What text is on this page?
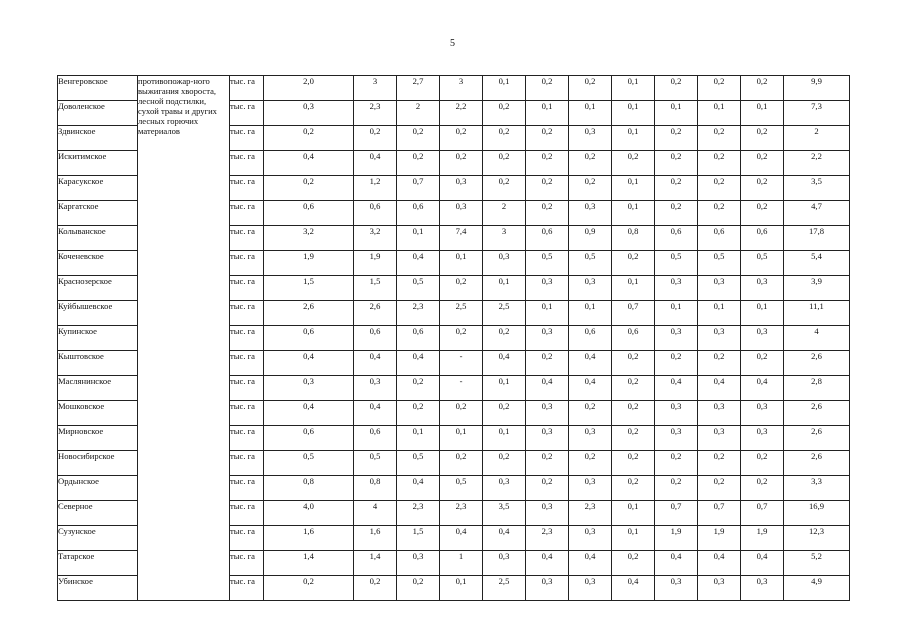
5
Венгеровское	противопожар-ного выжигания хвороста, лесной подстилки, сухой травы и других лесных горючих материалов	тыс. га	2,0	3	2,7	3	0,1	0,2	0,2	0,1	0,2	0,2	0,2	9,9
Доволенское		тыс. га	0,3	2,3	2	2,2	0,2	0,1	0,1	0,1	0,1	0,1	0,1	7,3
Здвинское		тыс. га	0,2	0,2	0,2	0,2	0,2	0,2	0,3	0,1	0,2	0,2	0,2	2
Искитимское		тыс. га	0,4	0,4	0,2	0,2	0,2	0,2	0,2	0,2	0,2	0,2	0,2	2,2
Карасукское		тыс. га	0,2	1,2	0,7	0,3	0,2	0,2	0,2	0,1	0,2	0,2	0,2	3,5
Каргатское		тыс. га	0,6	0,6	0,6	0,3	2	0,2	0,3	0,1	0,2	0,2	0,2	4,7
Колыванское		тыс. га	3,2	3,2	0,1	7,4	3	0,6	0,9	0,8	0,6	0,6	0,6	17,8
Коченевское		тыс. га	1,9	1,9	0,4	0,1	0,3	0,5	0,5	0,2	0,5	0,5	0,5	5,4
Краснозерское		тыс. га	1,5	1,5	0,5	0,2	0,1	0,3	0,3	0,1	0,3	0,3	0,3	3,9
Куйбышевское		тыс. га	2,6	2,6	2,3	2,5	2,5	0,1	0,1	0,7	0,1	0,1	0,1	11,1
Купинское		тыс. га	0,6	0,6	0,6	0,2	0,2	0,3	0,6	0,6	0,3	0,3	0,3	4
Кыштовское		тыс. га	0,4	0,4	0,4	-	0,4	0,2	0,4	0,2	0,2	0,2	0,2	2,6
Маслянинское		тыс. га	0,3	0,3	0,2	-	0,1	0,4	0,4	0,2	0,4	0,4	0,4	2,8
Мошковское		тыс. га	0,4	0,4	0,2	0,2	0,2	0,3	0,2	0,2	0,3	0,3	0,3	2,6
Мирновское		тыс. га	0,6	0,6	0,1	0,1	0,1	0,3	0,3	0,2	0,3	0,3	0,3	2,6
Новосибирское		тыс. га	0,5	0,5	0,5	0,2	0,2	0,2	0,2	0,2	0,2	0,2	0,2	2,6
Ордынское		тыс. га	0,8	0,8	0,4	0,5	0,3	0,2	0,3	0,2	0,2	0,2	0,2	3,3
Северное		тыс. га	4,0	4	2,3	2,3	3,5	0,3	2,3	0,1	0,7	0,7	0,7	16,9
Сузунское		тыс. га	1,6	1,6	1,5	0,4	0,4	2,3	0,3	0,1	1,9	1,9	1,9	12,3
Татарское		тыс. га	1,4	1,4	0,3	1	0,3	0,4	0,4	0,2	0,4	0,4	0,4	5,2
Убинское		тыс. га	0,2	0,2	0,2	0,1	2,5	0,3	0,3	0,4	0,3	0,3	0,3	4,9
